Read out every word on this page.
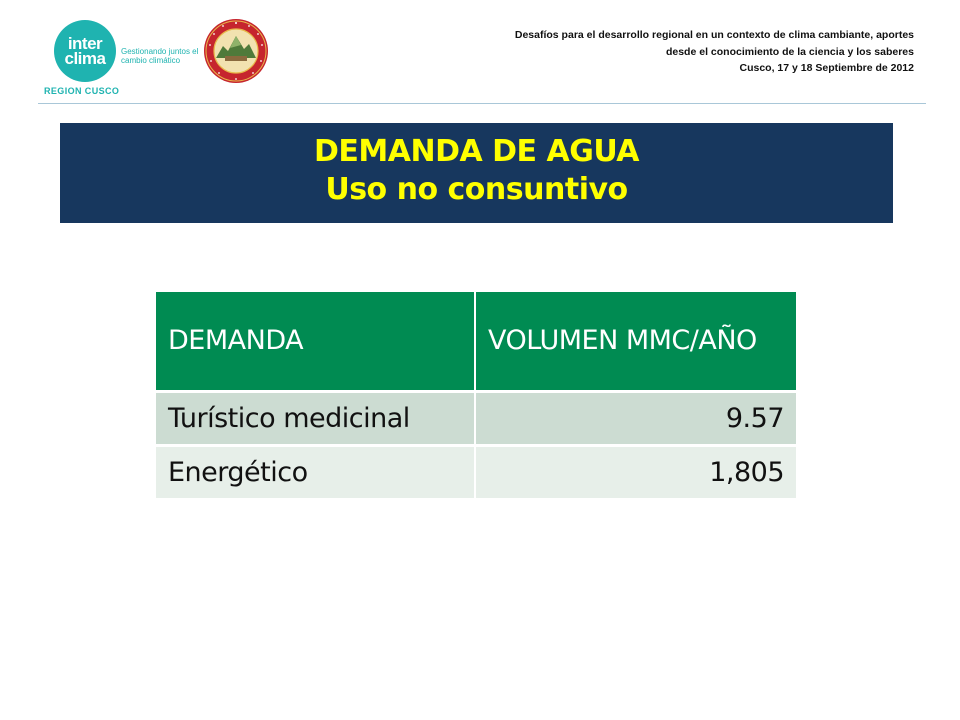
inter
clima Gestionando juntos el cambio climático
REGION CUSCO
Desafíos para el desarrollo regional en un contexto de clima cambiante, aportes
desde el conocimiento de la ciencia y los saberes
Cusco, 17 y 18 Septiembre de 2012
DEMANDA DE AGUA
Uso no consuntivo
DEMANDA	VOLUMEN MMC/AÑO
Turístico medicinal	9.57
Energético	1,805
